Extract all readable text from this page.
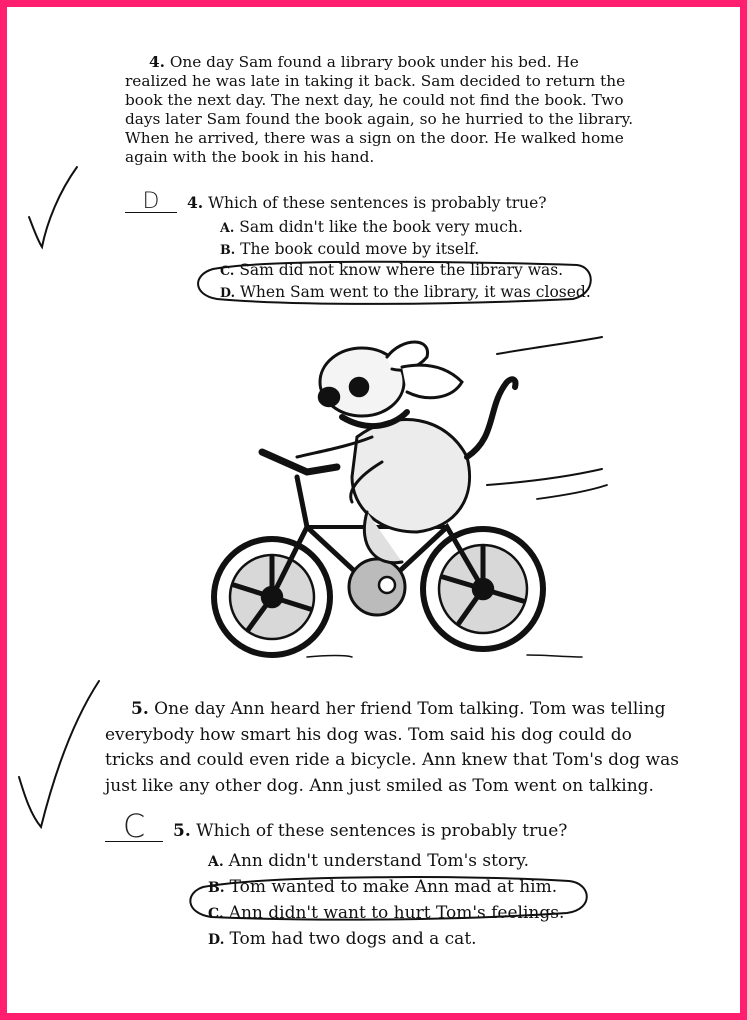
4. One day Sam found a library book under his bed. He realized he was late in taking it back. Sam decided to return the book the next day. The next day, he could not find the book. Two days later Sam found the book again, so he hurried to the library. When he arrived, there was a sign on the door. He walked home again with the book in his hand.

D	4. Which of these sentences is probably true?
A. Sam didn't like the book very much.
B. The book could move by itself.
C. Sam did not know where the library was.
D. When Sam went to the library, it was closed.

5. One day Ann heard her friend Tom talking. Tom was telling everybody how smart his dog was. Tom said his dog could do tricks and could even ride a bicycle. Ann knew that Tom's dog was just like any other dog. Ann just smiled as Tom went on talking.

C	5. Which of these sentences is probably true?
A. Ann didn't understand Tom's story.
B. Tom wanted to make Ann mad at him.
C. Ann didn't want to hurt Tom's feelings.
D. Tom had two dogs and a cat.
